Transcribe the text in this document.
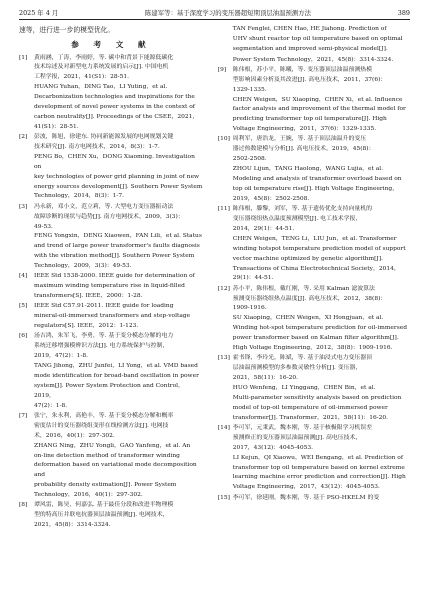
2025 年 4 月	陈建军等：基于深度学习的变压器超短期顶层油温预测方法	389

速等，进行进一步的模型优化。

参 考 文 献
[1] 黄雨涵，丁涛，李雨婷，等. 碳中和背景下能源低碳化
技术综述及对新型电力系统发展的启示[J]. 中国电机
工程学报，2021，41(S1)：28-51.
HUANG Yuhan，DING Tao，LI Yuting，et al.
Decarbonization technologies and inspirations for the
development of novel power systems in the context of
carbon neutrality[J]. Proceedings of the CSEE，2021，
41(S1)：28-51.
[2] 彭波，陈旭，徐建东. 协同新能源发展的电网规划关键
技术研究[J]. 南方电网技术，2014，8(3)：1-7.
PENG Bo，CHEN Xu，DONG Xiaoming. Investigation on
key technologies of power grid planning in joint of new
energy sources development[J]. Southern Power System
Technology，2014，8(3)：1-7.
[3] 冯永新，邓小文，范立莉，等. 大型电力变压器振动法
故障诊断的现状与趋势[J]. 南方电网技术，2009，3(3)：
49-53.
FENG Yongxin，DENG Xiaowen，FAN Lili，et al. Status
and trend of large power transformer's faults diagnosis
with the vibration method[J]. Southern Power System
Technology，2009，3(3)：49-53.
[4] IEEE Std 1538-2000. IEEE guide for determination of
maximum winding temperature rise in liquid-filled
transformers[S]. IEEE，2000：1-28.
[5] IEEE Std C57.91-2011. IEEE guide for loading
mineral-oil-immersed transformers and step-voltage
regulators[S]. IEEE，2012：1-123.
[6] 汤吉鸿，朱军飞，李勇，等. 基于变分模态分解的电力
系统迁移增强模辨识方法[J]. 电力系统保护与控制，
2019，47(2)：1-8.
TANG Jihong，ZHU Junfei，LI Yong，et al. VMD based
mode identification for broad-band oscillation in power
system[J]. Power System Protection and Control，2019，
47(2)：1-8.
[7] 张宁，朱永利，高艳丰，等. 基于变分模态分解和概率
密度估计的变压器绕组变形在线检测方法[J]. 电网技
术，2016，40(1)：297-302.
ZHANG Ning，ZHU Yongli，GAO Yanfeng，et al. An
on-line detection method of transformer winding
deformation based on variational mode decomposition and
probability density estimation[J]. Power System
Technology，2016，40(1)：297-302.
[8] 谭风雷，陈昊，何嘉弘. 基于最佳分段和改进半物理模
型的特高压并联电抗器顶层油温预测[J]. 电网技术，
2021，45(8)：3314-3324.
TAN Fenglei, CHEN Hao, HE Jiahong. Prediction of
UHV shunt reactor top oil temperature based on optimal
segmentation and improved semi-physical model[J].
Power System Technology，2021，45(8)：3314-3324.
[9] 陈伟根，苏小平，陈曦，等. 变压器顶层油温预测热模
型影响因素分析及其改进[J]. 高电压技术，2011，37(6)：
1329-1335.
CHEN Weigen，SU Xiaoping，CHEN Xi，et al. Influence
factor analysis and improvement of the thermal model for
predicting transformer top oil temperature[J]. High
Voltage Engineering，2011，37(6)：1329-1335.
[10] 周利军，唐浩龙，王婉，等. 基于顶层油温升的变压
器过热数建模与分析[J]. 高电压技术，2019，45(8)：
2502-2508.
ZHOU Lijun，TANG Haolong，WANG Lujia，et al.
Modeling and analysis of transformer overload based on
top oil temperature rise[J]. High Voltage Engineering，
2019，45(8)：2502-2508.
[11] 陈伟根，滕黎，刘军，等. 基于遗传优化支持向量机的
变压器绕组热点温度预测模型[J]. 电工技术学报，
2014，29(1)：44-51.
CHEN Weigen，TENG Li，LIU Jun，et al. Transformer
winding hotspot temperature prediction model of support
vector machine optimized by genetic algorithm[J].
Transactions of China Electrotechnical Society，2014，
29(1)：44-51.
[12] 苏小平，陈伟根，戴红刚，等. 采用 Kalman 滤波算法
预测变压器绕组热点温度[J]. 高电压技术，2012，38(8)：
1909-1916.
SU Xiaoping，CHEN Weigen，XI Hongjuan，et al.
Winding hot-spot temperature prediction for oil-immersed
power transformer based on Kalman filter algorithm[J].
High Voltage Engineering，2012，38(8)：1909-1916.
[13] 霍书锋，李玲光，陈斌，等. 基于油浸式电力变压器顶
层油温预测模型的多参数灵敏性分析[J]. 变压器，
2021，58(11)：16-20.
HUO Wenfeng，LI Yinggang，CHEN Bin，et al.
Multi-parameter sensitivity analysis based on prediction
model of top-oil temperature of oil-immersed power
transformer[J]. Transformer，2021，58(11)：16-20.
[14] 李可军，元秉武，魏本刚，等. 基于核极限学习机误差
预测修正的变压器顶层油温预测[J]. 高电压技术，
2017，43(12)：4045-4053.
LI Kejun，QI Xiaowu，WEI Bengang，et al. Prediction of
transformer top oil temperature based on kernel extreme
learning machine error prediction and correction[J]. High
Voltage Engineering，2017，43(12)：4045-4053.
[15] 李可军，徐延刚，魏本刚，等. 基于 PSO-HKELM 的变
